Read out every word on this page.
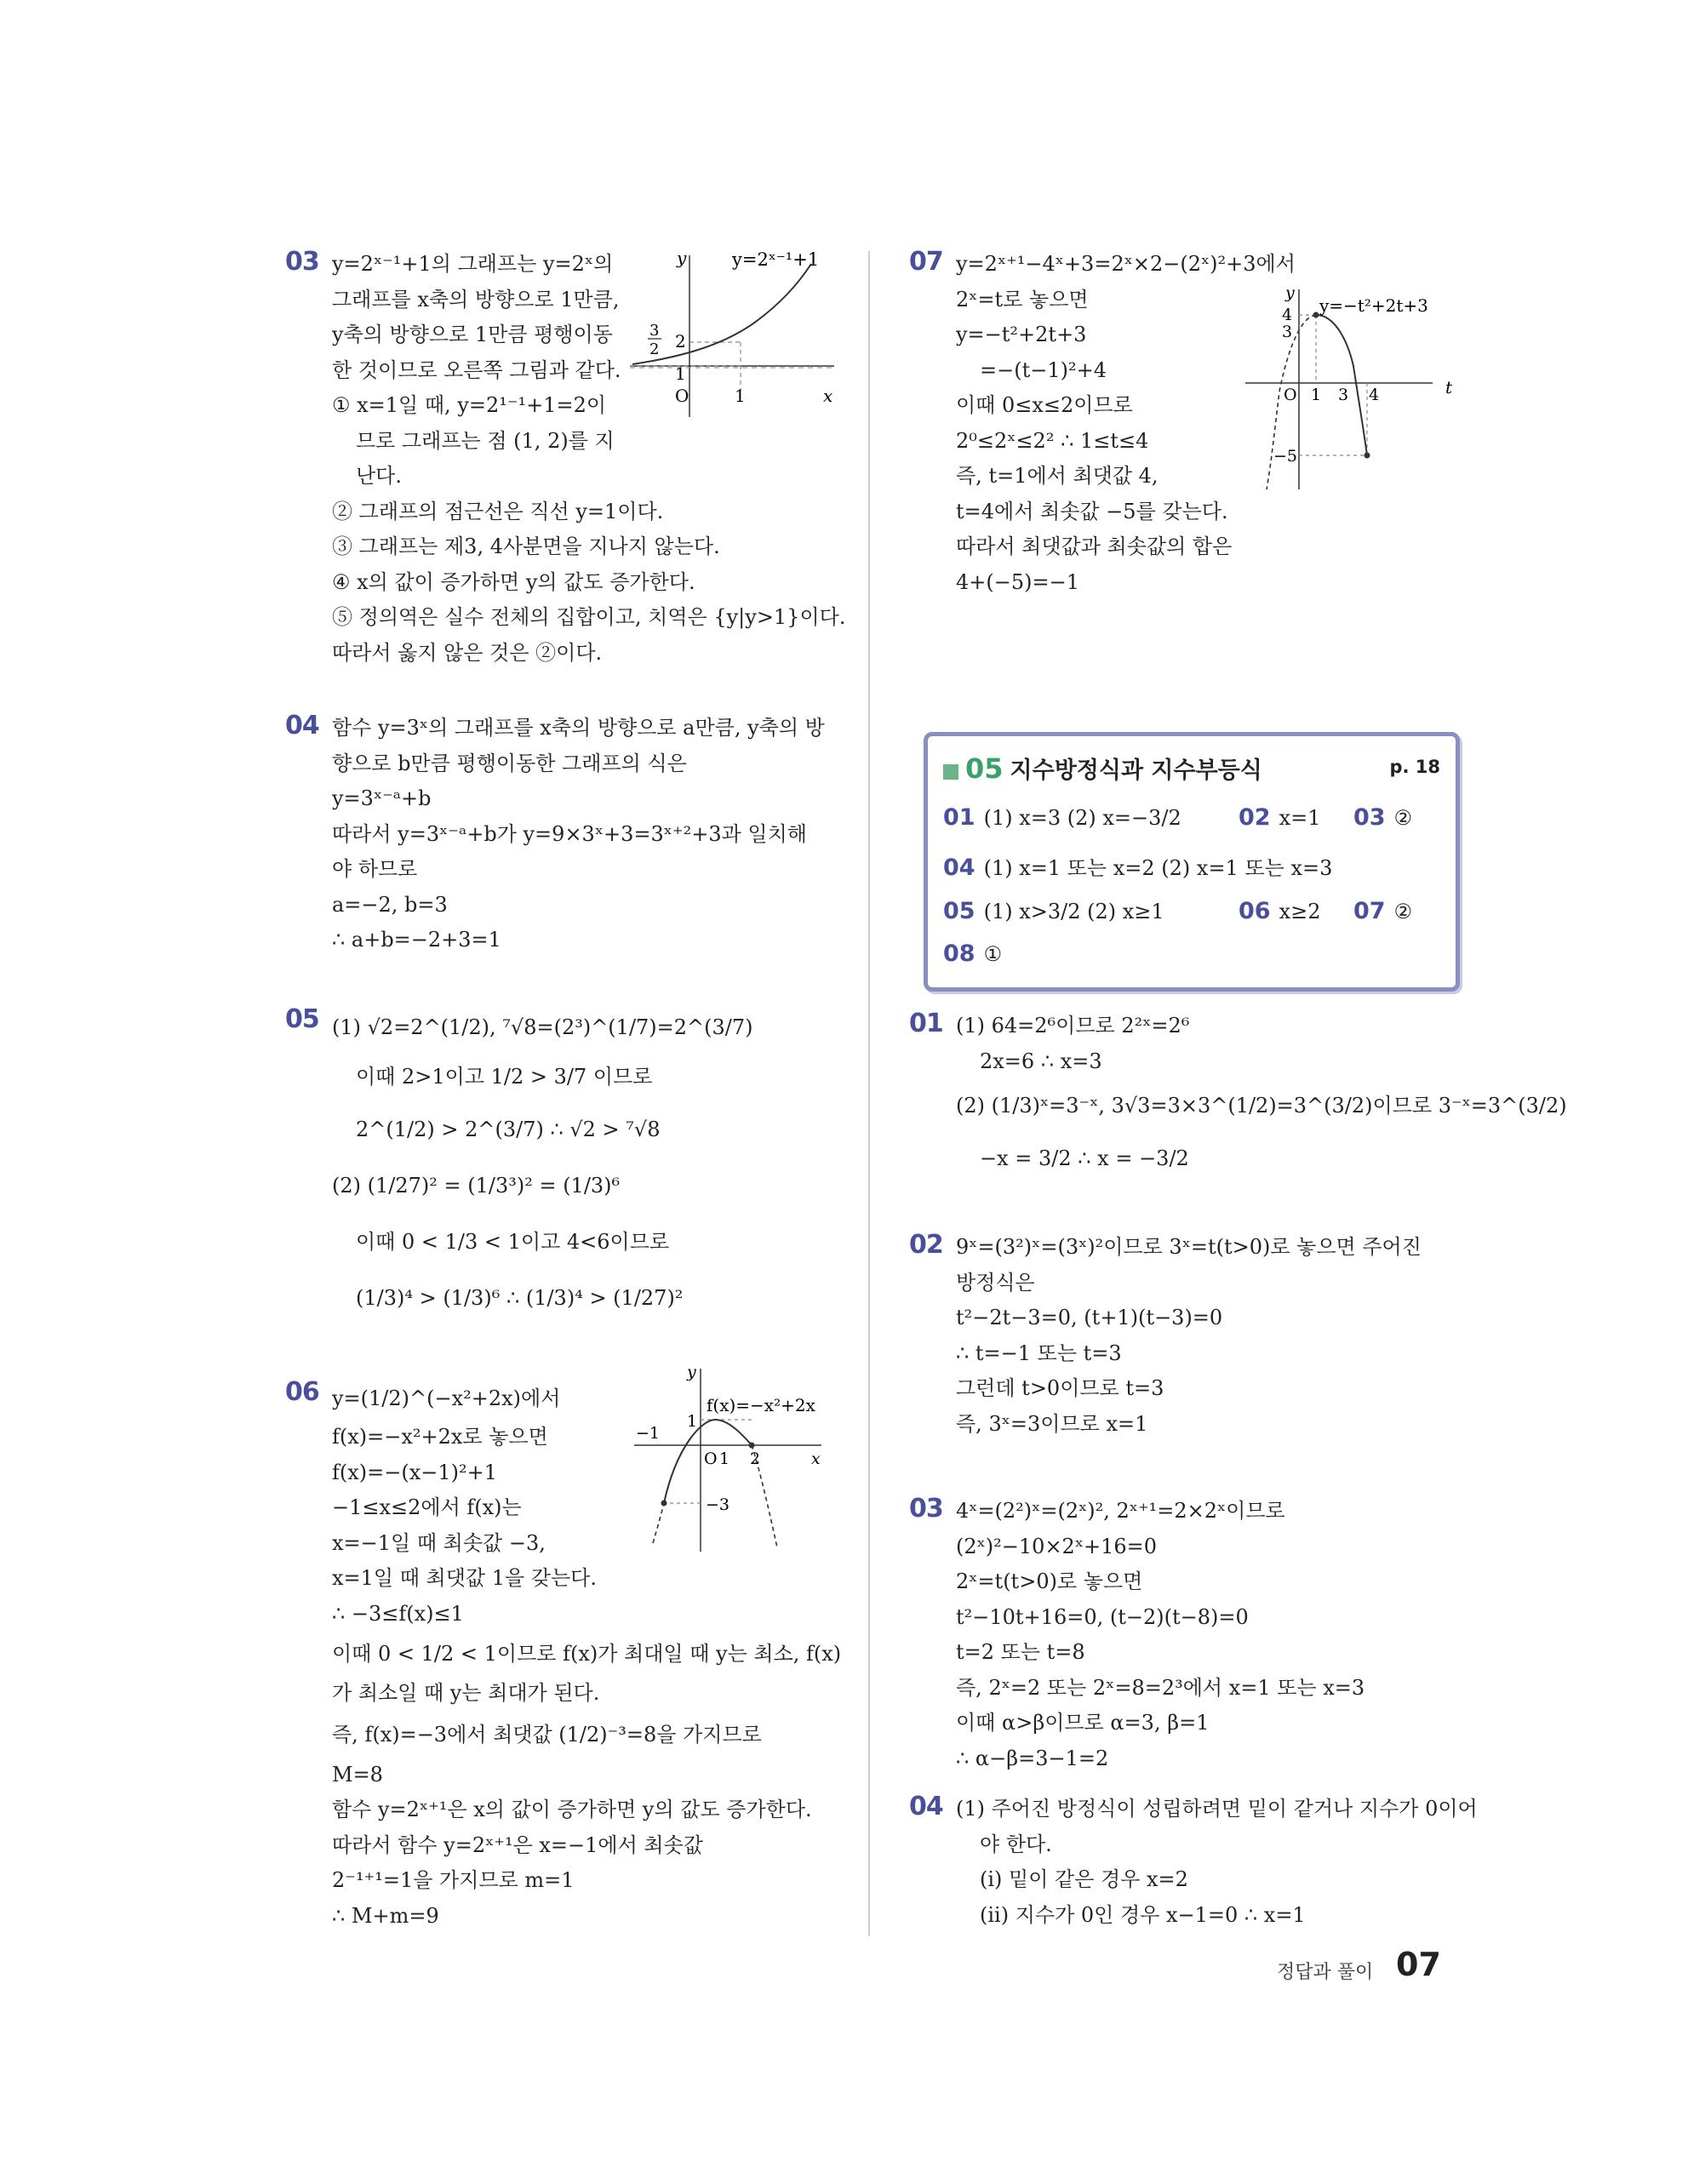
03 y=2ˣ⁻¹+1의 그래프는 y=2ˣ의
그래프를 x축의 방향으로 1만큼,
y축의 방향으로 1만큼 평행이동
한 것이므로 오른쪽 그림과 같다.
① x=1일 때, y=2¹⁻¹+1=2이
므로 그래프는 점 (1, 2)를 지
난다.
② 그래프의 점근선은 직선 y=1이다.
③ 그래프는 제3, 4사분면을 지나지 않는다.
④ x의 값이 증가하면 y의 값도 증가한다.
⑤ 정의역은 실수 전체의 집합이고, 치역은 {y|y>1}이다.
따라서 옳지 않은 것은 ②이다.
y=2ˣ⁻¹+1
y
x
O	1
1
2
3
2
04 함수 y=3ˣ의 그래프를 x축의 방향으로 a만큼, y축의 방
향으로 b만큼 평행이동한 그래프의 식은
y=3ˣ⁻ᵃ+b
따라서 y=3ˣ⁻ᵃ+b가 y=9×3ˣ+3=3ˣ⁺²+3과 일치해
야 하므로
a=−2, b=3
∴ a+b=−2+3=1
05 (1) √2=2^(1/2), ⁷√8=(2³)^(1/7)=2^(3/7)
이때 2>1이고 1/2 > 3/7 이므로
2^(1/2) > 2^(3/7) ∴ √2 > ⁷√8
(2) (1/27)² = (1/3³)² = (1/3)⁶
이때 0 < 1/3 < 1이고 4<6이므로
(1/3)⁴ > (1/3)⁶ ∴ (1/3)⁴ > (1/27)²
06 y=(1/2)^(−x²+2x)에서
f(x)=−x²+2x로 놓으면
f(x)=−(x−1)²+1
−1≤x≤2에서 f(x)는
x=−1일 때 최솟값 −3,
x=1일 때 최댓값 1을 갖는다.
∴ −3≤f(x)≤1
이때 0 < 1/2 < 1이므로 f(x)가 최대일 때 y는 최소, f(x)
가 최소일 때 y는 최대가 된다.
즉, f(x)=−3에서 최댓값 (1/2)⁻³=8을 가지므로
M=8
함수 y=2ˣ⁺¹은 x의 값이 증가하면 y의 값도 증가한다.
따라서 함수 y=2ˣ⁺¹은 x=−1에서 최솟값
2⁻¹⁺¹=1을 가지므로 m=1
∴ M+m=9
f(x)=−x²+2x
y
x
O
−1
1 2
1
−3
07 y=2ˣ⁺¹−4ˣ+3=2ˣ×2−(2ˣ)²+3에서
2ˣ=t로 놓으면
y=−t²+2t+3
=−(t−1)²+4
이때 0≤x≤2이므로
2⁰≤2ˣ≤2² ∴ 1≤t≤4
즉, t=1에서 최댓값 4,
t=4에서 최솟값 −5를 갖는다.
따라서 최댓값과 최솟값의 합은
4+(−5)=−1
y=−t²+2t+3
y
t
O 1 3 4
4
3
−5
05 지수방정식과 지수부등식	p. 18
01 (1) x=3 (2) x=−3/2 02 x=1 03 ②
04 (1) x=1 또는 x=2 (2) x=1 또는 x=3
05 (1) x>3/2 (2) x≥1	06 x≥2 07 ②
08 ①
01 (1) 64=2⁶이므로 2²ˣ=2⁶
2x=6 ∴ x=3
(2) (1/3)ˣ=3⁻ˣ, 3√3=3×3^(1/2)=3^(3/2)이므로 3⁻ˣ=3^(3/2)
−x = 3/2 ∴ x = −3/2
02 9ˣ=(3²)ˣ=(3ˣ)²이므로 3ˣ=t(t>0)로 놓으면 주어진
방정식은
t²−2t−3=0, (t+1)(t−3)=0
∴ t=−1 또는 t=3
그런데 t>0이므로 t=3
즉, 3ˣ=3이므로 x=1
03 4ˣ=(2²)ˣ=(2ˣ)², 2ˣ⁺¹=2×2ˣ이므로
(2ˣ)²−10×2ˣ+16=0
2ˣ=t(t>0)로 놓으면
t²−10t+16=0, (t−2)(t−8)=0
t=2 또는 t=8
즉, 2ˣ=2 또는 2ˣ=8=2³에서 x=1 또는 x=3
이때 α>β이므로 α=3, β=1
∴ α−β=3−1=2
04 (1) 주어진 방정식이 성립하려면 밑이 같거나 지수가 0이어
야 한다.
(i) 밑이 같은 경우 x=2
(ii) 지수가 0인 경우 x−1=0 ∴ x=1
정답과 풀이 07
